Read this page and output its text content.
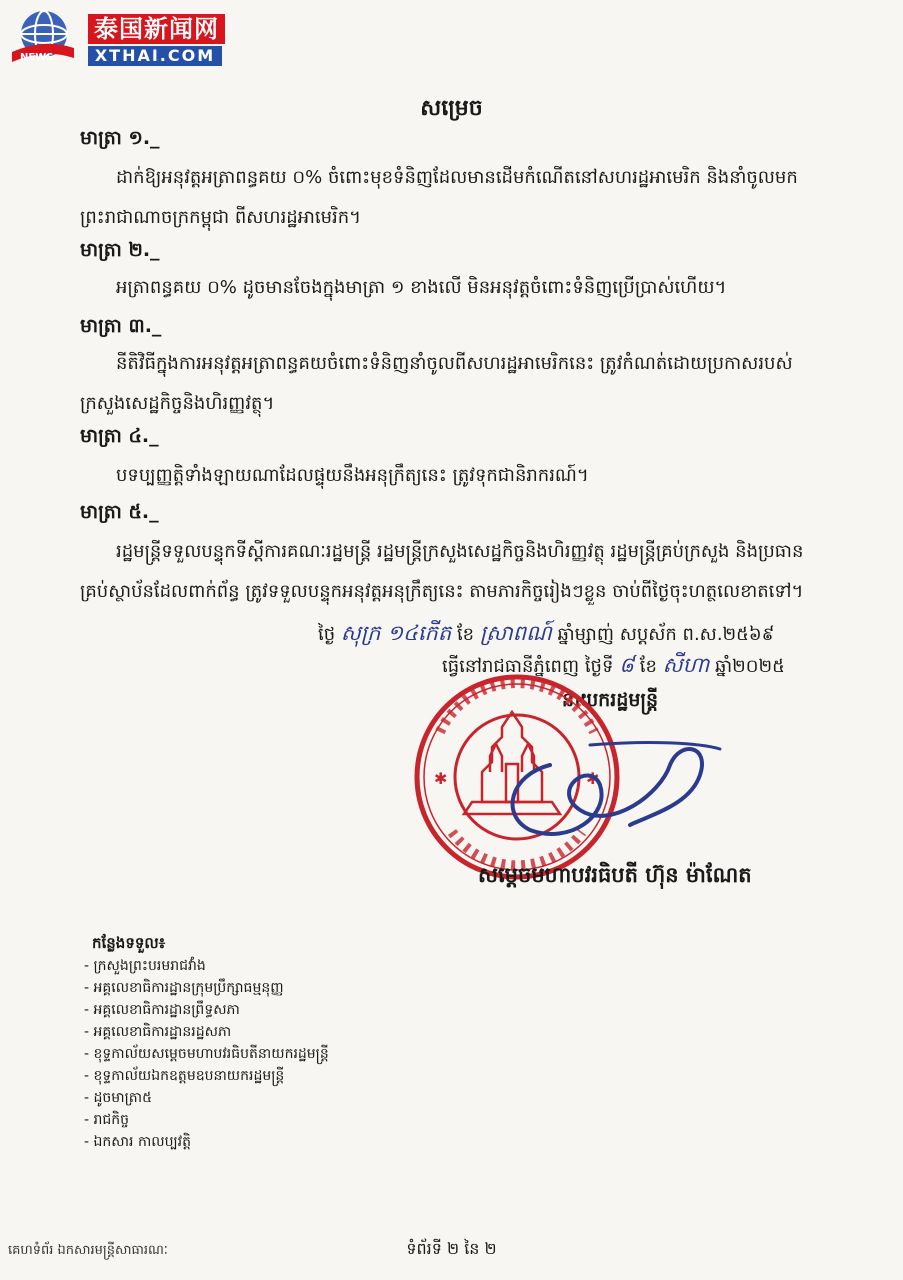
NEWS
泰国新闻网
XTHAI.COM
សម្រេច
មាត្រា ១._
ដាក់ឱ្យអនុវត្តអត្រាពន្ធគយ ០% ចំពោះមុខទំនិញដែលមានដើមកំណើតនៅសហរដ្ឋអាមេរិក និងនាំចូលមកព្រះរាជាណាចក្រកម្ពុជា ពីសហរដ្ឋអាមេរិក។
មាត្រា ២._
អត្រាពន្ធគយ ០% ដូចមានចែងក្នុងមាត្រា ១ ខាងលើ មិនអនុវត្តចំពោះទំនិញប្រើប្រាស់ហើយ។
មាត្រា ៣._
នីតិវិធីក្នុងការអនុវត្តអត្រាពន្ធគយចំពោះទំនិញនាំចូលពីសហរដ្ឋអាមេរិកនេះ ត្រូវកំណត់ដោយប្រកាសរបស់ក្រសួងសេដ្ឋកិច្ចនិងហិរញ្ញវត្ថុ។
មាត្រា ៤._
បទប្បញ្ញត្តិទាំងឡាយណាដែលផ្ទុយនឹងអនុក្រឹត្យនេះ ត្រូវទុកជានិរាករណ៍។
មាត្រា ៥._
រដ្ឋមន្ត្រីទទួលបន្ទុកទីស្តីការគណៈរដ្ឋមន្ត្រី រដ្ឋមន្ត្រីក្រសួងសេដ្ឋកិច្ចនិងហិរញ្ញវត្ថុ រដ្ឋមន្ត្រីគ្រប់ក្រសួង និងប្រធានគ្រប់ស្ថាប័នដែលពាក់ព័ន្ធ ត្រូវទទួលបន្ទុកអនុវត្តអនុក្រឹត្យនេះ តាមភារកិច្ចរៀងៗខ្លួន ចាប់ពីថ្ងៃចុះហត្ថលេខាតទៅ។
ថ្ងៃ សុក្រ ១៤កើត ខែ ស្រាពណ៍ ឆ្នាំម្សាញ់ សប្តស័ក ព.ស.២៥៦៩
ធ្វើនៅរាជធានីភ្នំពេញ ថ្ងៃទី ៨ ខែ សីហា ឆ្នាំ២០២៥
នាយករដ្ឋមន្ត្រី
✱	✱
សម្តេចមហាបវរធិបតី ហ៊ុន ម៉ាណែត
កន្លែងទទួល៖
- ក្រសួងព្រះបរមរាជវាំង
- អគ្គលេខាធិការដ្ឋានក្រុមប្រឹក្សាធម្មនុញ្ញ
- អគ្គលេខាធិការដ្ឋានព្រឹទ្ធសភា
- អគ្គលេខាធិការដ្ឋានរដ្ឋសភា
- ខុទ្ទកាល័យសម្តេចមហាបវរធិបតីនាយករដ្ឋមន្ត្រី
- ខុទ្ទកាល័យឯកឧត្តមឧបនាយករដ្ឋមន្ត្រី
- ដូចមាត្រា៥
- រាជកិច្ច
- ឯកសារ កាលប្បវត្តិ
ទំព័រទី ២ នៃ ២
គេហទំព័រ ឯកសារមន្ត្រីសាធារណៈ
